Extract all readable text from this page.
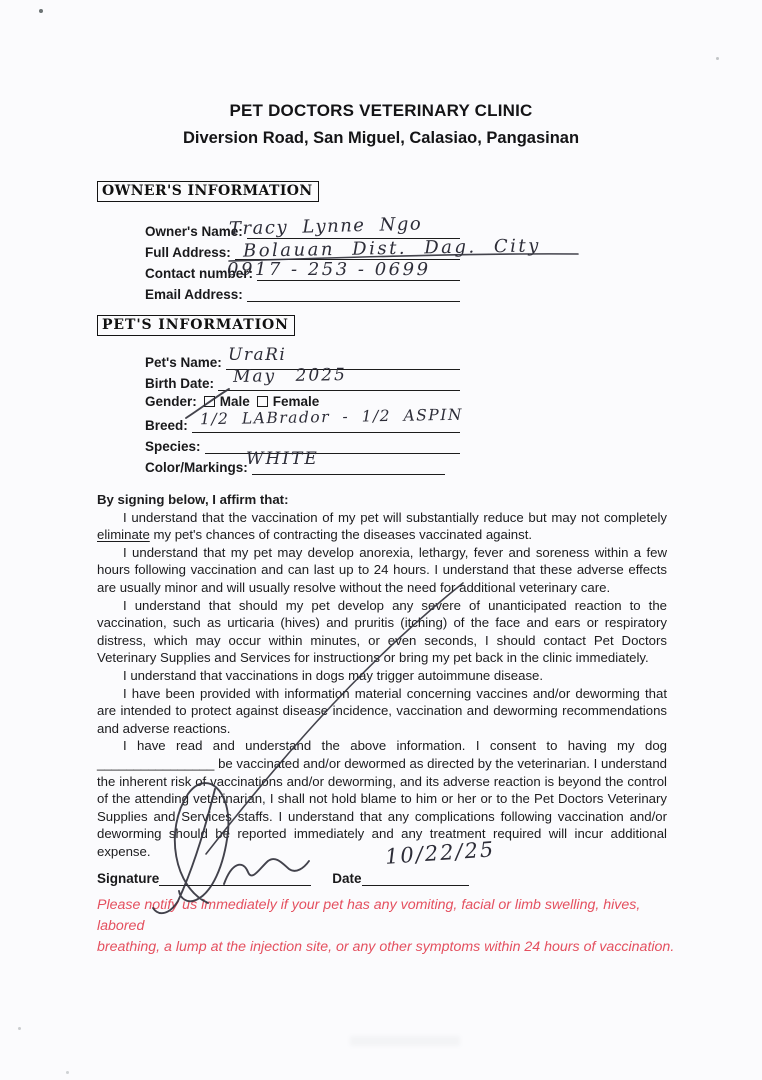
PET DOCTORS VETERINARY CLINIC
Diversion Road, San Miguel, Calasiao, Pangasinan
OWNER'S INFORMATION
Owner's Name:
Full Address:
Contact number:
Email Address:
PET'S INFORMATION
Pet's Name:
Birth Date:
Gender: Male Female
Breed:
Species:
Color/Markings:
Tracy Lynne Ngo
Bolauan Dist. Dag. City
0917 - 253 - 0699
UraRi
May 2025
1/2 LABrador - 1/2 ASPIN
WHITE
10/22/25

By signing below, I affirm that:

I understand that the vaccination of my pet will substantially reduce but may not completely eliminate my pet's chances of contracting the diseases vaccinated against.

I understand that my pet may develop anorexia, lethargy, fever and soreness within a few hours following vaccination and can last up to 24 hours. I understand that these adverse effects are usually minor and will usually resolve without the need for additional veterinary care.

I understand that should my pet develop any severe of unanticipated reaction to the vaccination, such as urticaria (hives) and pruritis (itching) of the face and ears or respiratory distress, which may occur within minutes, or even seconds, I should contact Pet Doctors Veterinary Supplies and Services for instructions or bring my pet back in the clinic immediately.

I understand that vaccinations in dogs may trigger autoimmune disease.

I have been provided with information material concerning vaccines and/or deworming that are intended to protect against disease incidence, vaccination and deworming recommendations and adverse reactions.

I have read and understand the above information. I consent to having my dog ________________ be vaccinated and/or dewormed as directed by the veterinarian. I understand the inherent risk of vaccinations and/or deworming, and its adverse reaction is beyond the control of the attending veterinarian, I shall not hold blame to him or her or to the Pet Doctors Veterinary Supplies and Services staffs. I understand that any complications following vaccination and/or deworming should be reported immediately and any treatment required will incur additional expense.

Signature	Date
Please notify us immediately if your pet has any vomiting, facial or limb swelling, hives, labored
breathing, a lump at the injection site, or any other symptoms within 24 hours of vaccination.
